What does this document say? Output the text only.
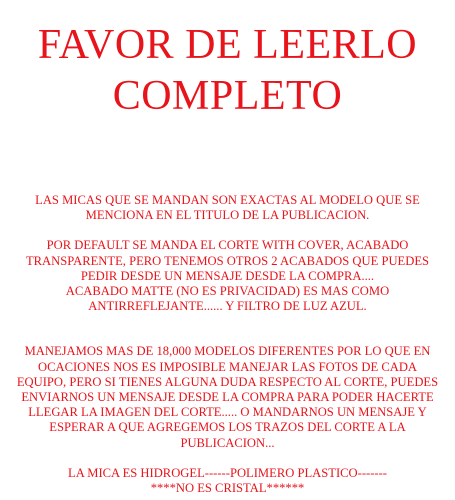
FAVOR DE LEERLO
COMPLETO

LAS MICAS QUE SE MANDAN SON EXACTAS AL MODELO QUE SE
MENCIONA EN EL TITULO DE LA PUBLICACION.

POR DEFAULT SE MANDA EL CORTE WITH COVER, ACABADO
TRANSPARENTE, PERO TENEMOS OTROS 2 ACABADOS QUE PUEDES
PEDIR DESDE UN MENSAJE DESDE LA COMPRA....
ACABADO MATTE (NO ES PRIVACIDAD) ES MAS COMO
ANTIRREFLEJANTE...... Y FILTRO DE LUZ AZUL.

MANEJAMOS MAS DE 18,000 MODELOS DIFERENTES POR LO QUE EN
OCACIONES NOS ES IMPOSIBLE MANEJAR LAS FOTOS DE CADA
EQUIPO, PERO SI TIENES ALGUNA DUDA RESPECTO AL CORTE, PUEDES
ENVIARNOS UN MENSAJE DESDE LA COMPRA PARA PODER HACERTE
LLEGAR LA IMAGEN DEL CORTE..... O MANDARNOS UN MENSAJE Y
ESPERAR A QUE AGREGEMOS LOS TRAZOS DEL CORTE A LA
PUBLICACION...

LA MICA ES HIDROGEL------POLIMERO PLASTICO-------
****NO ES CRISTAL******
